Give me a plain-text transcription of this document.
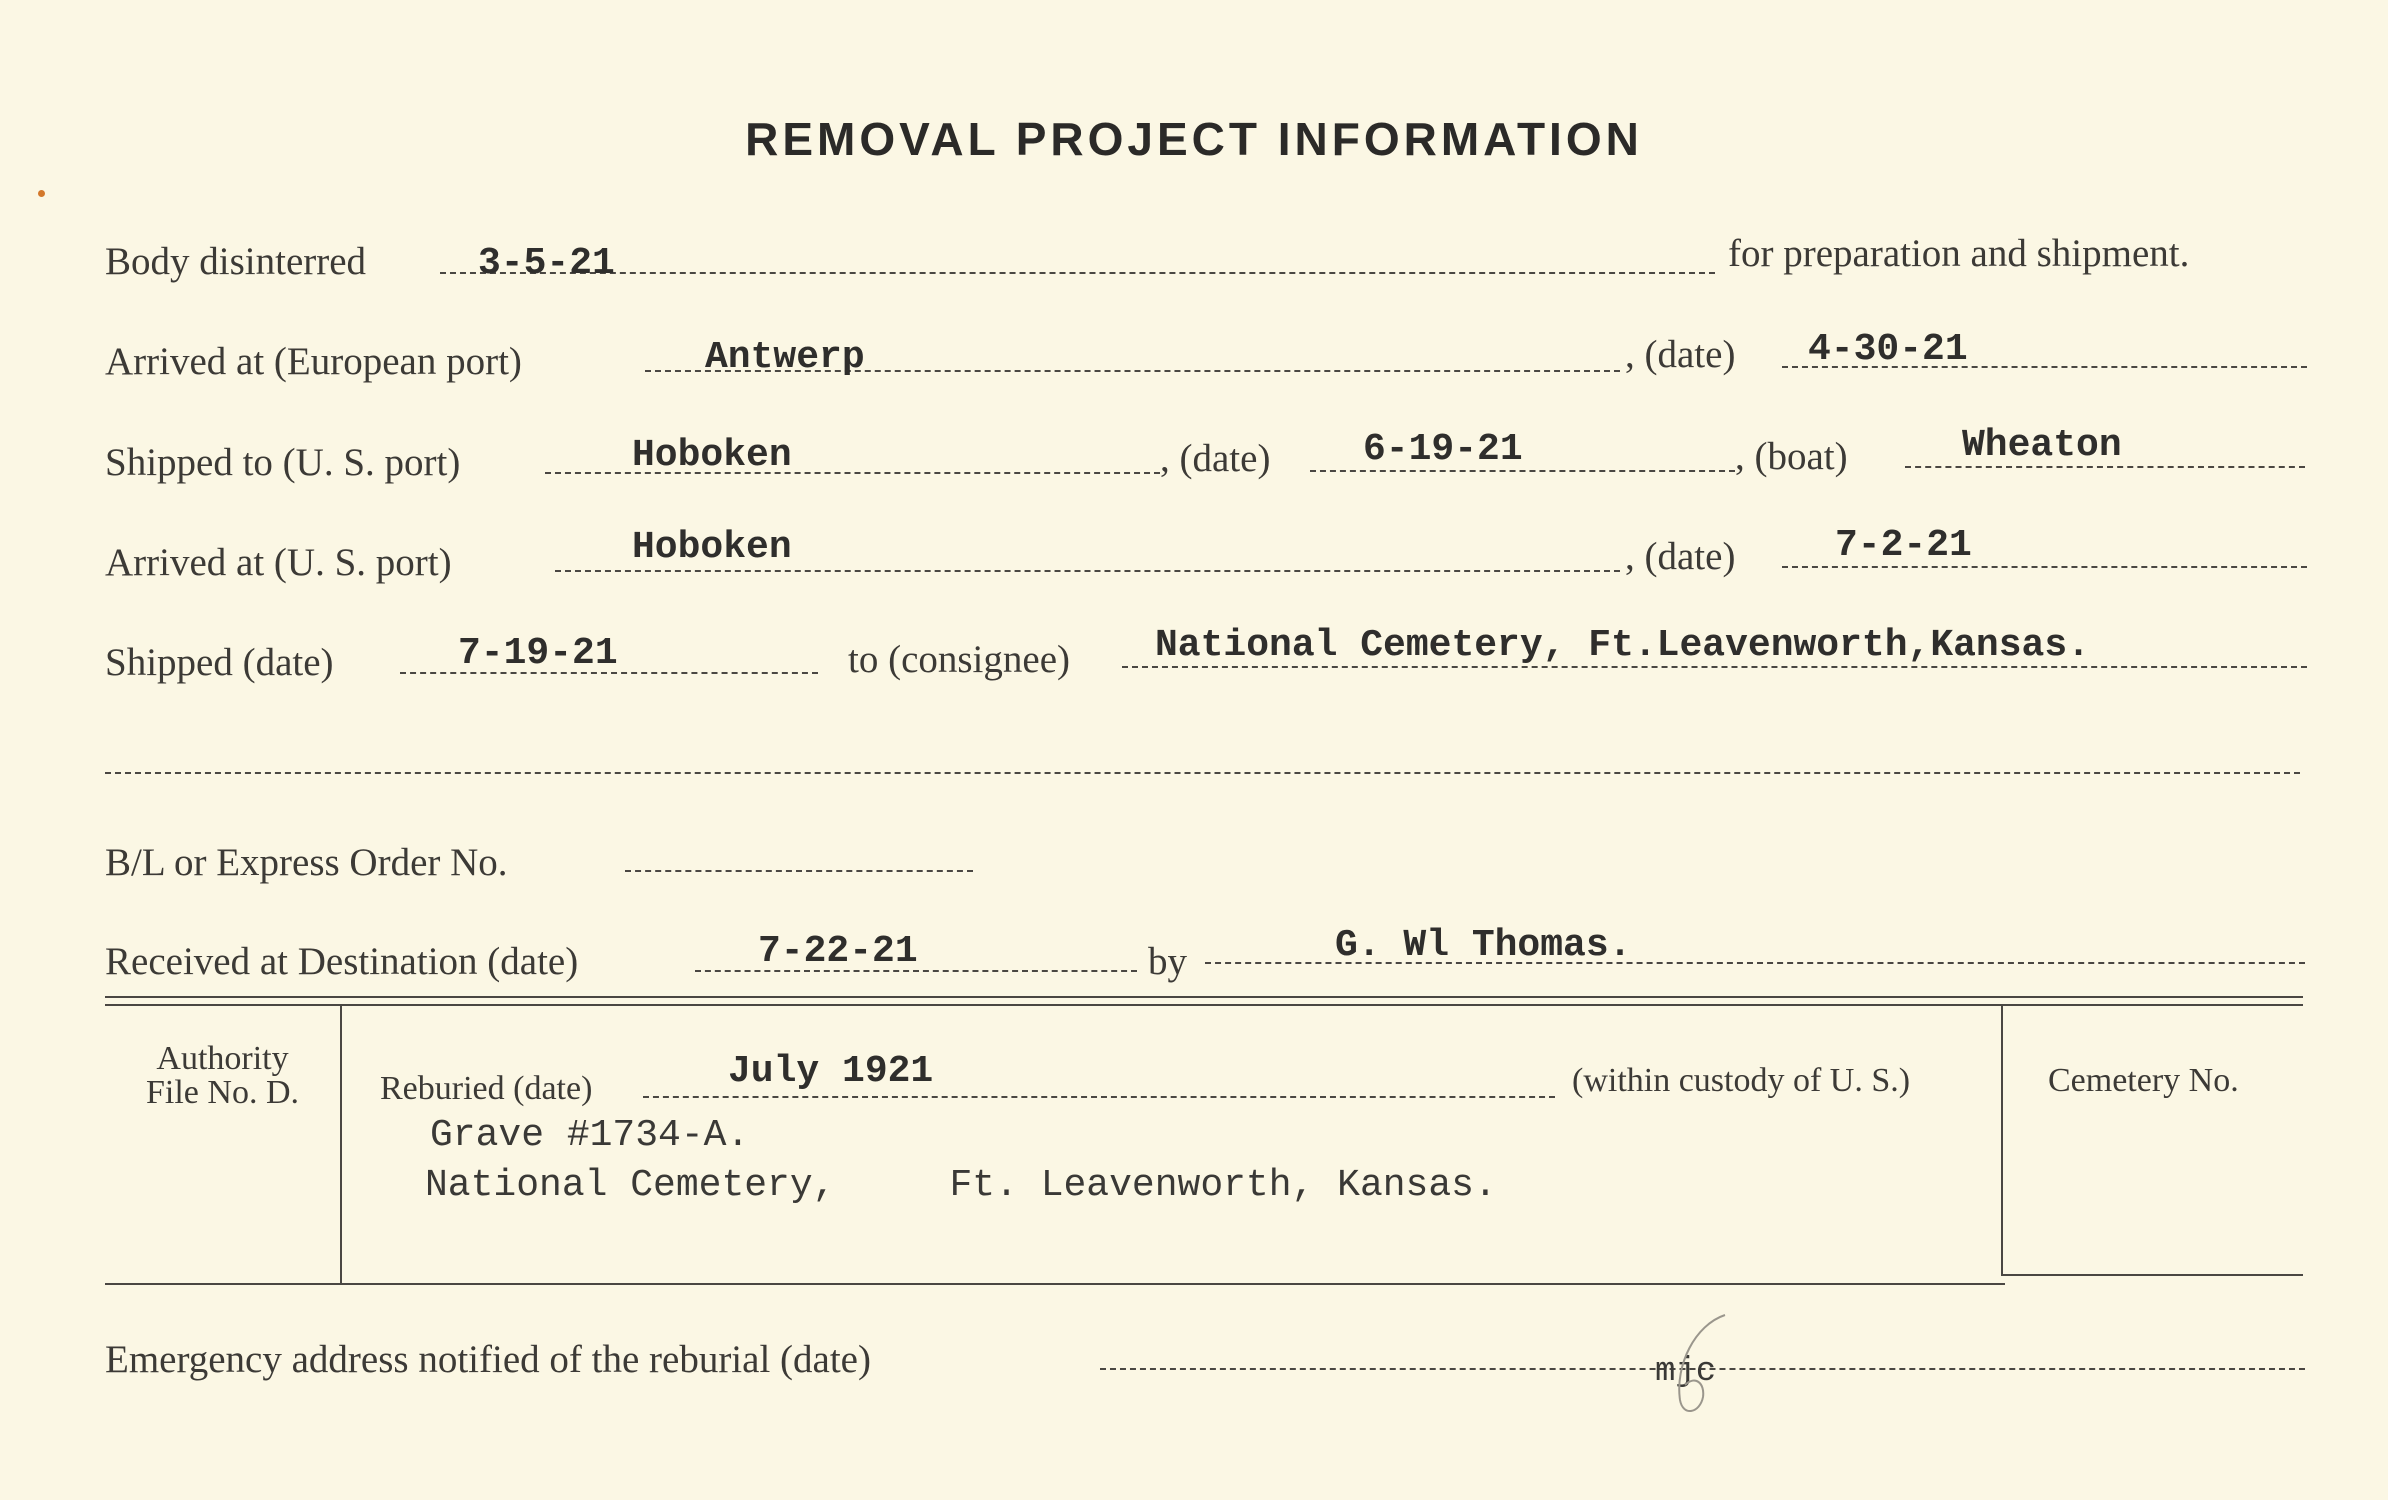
REMOVAL PROJECT INFORMATION
Body disinterred	3-5-21	for preparation and shipment.
Arrived at (European port)	Antwerp	, (date) 4-30-21
Shipped to (U. S. port)	Hoboken	, (date) 6-19-21	, (boat)	Wheaton
Arrived at (U. S. port)	Hoboken	, (date)	7-2-21
Shipped (date)	7-19-21	to (consignee) National Cemetery, Ft.Leavenworth,Kansas.
B/L or Express Order No.
Received at Destination (date)	7-22-21	by	G. Wl Thomas.
Authority
File No. D.	Reburied (date)	July 1921	(within custody of U. S.)	Cemetery No.
Grave #1734-A.
National Cemetery,     Ft. Leavenworth, Kansas.
Emergency address notified of the reburial (date)	mjc
